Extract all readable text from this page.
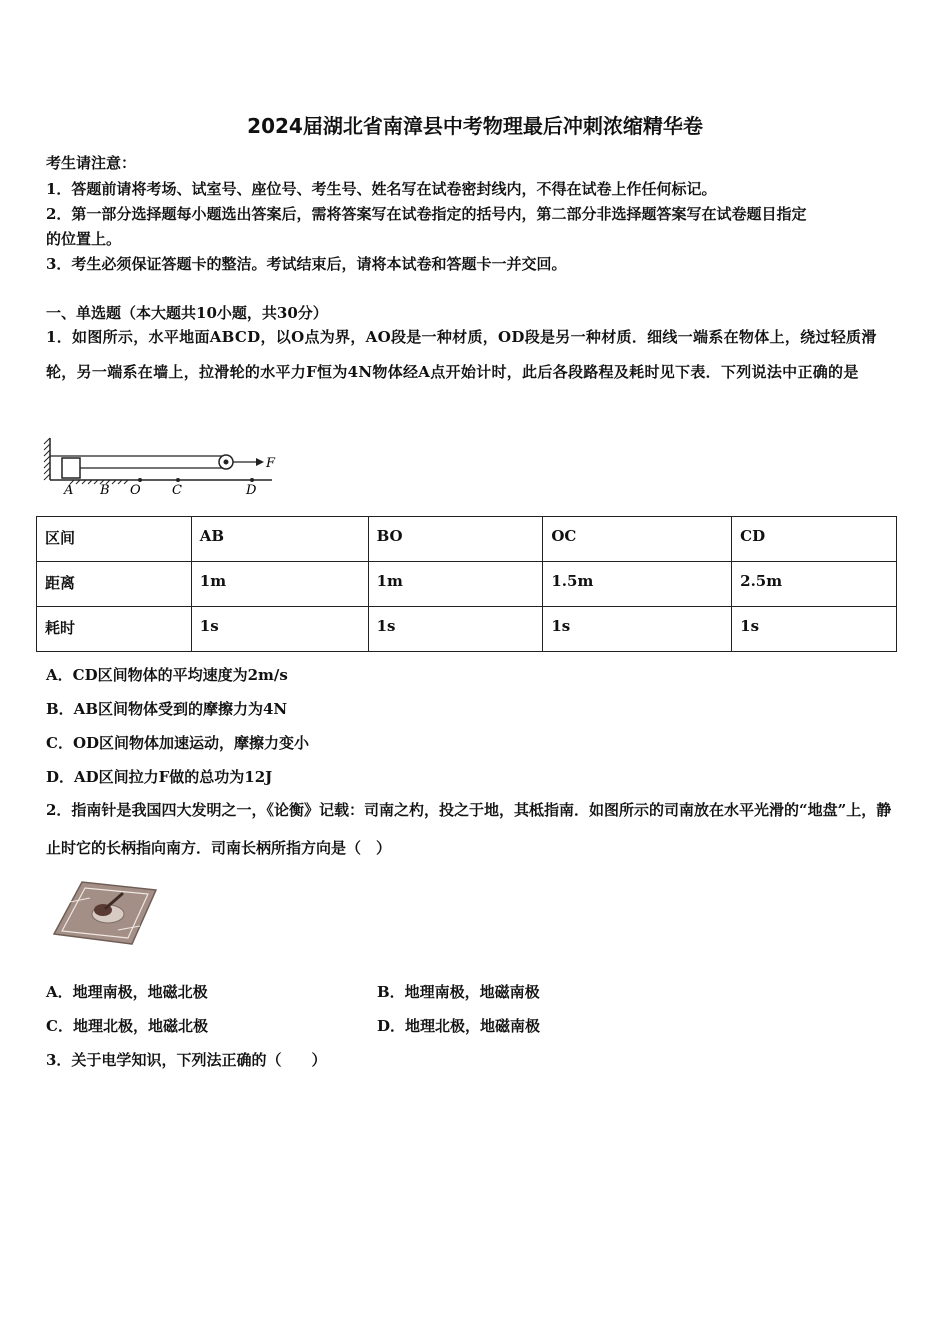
2024届湖北省南漳县中考物理最后冲刺浓缩精华卷
考生请注意：
1．答题前请将考场、试室号、座位号、考生号、姓名写在试卷密封线内，不得在试卷上作任何标记。
2．第一部分选择题每小题选出答案后，需将答案写在试卷指定的括号内，第二部分非选择题答案写在试卷题目指定
的位置上。
3．考生必须保证答题卡的整洁。考试结束后，请将本试卷和答题卡一并交回。
一、单选题（本大题共10小题，共30分）
1．如图所示，水平地面ABCD，以O点为界，AO段是一种材质，OD段是另一种材质．细线一端系在物体上，绕过轻质滑轮，另一端系在墙上，拉滑轮的水平力F恒为4N物体经A点开始计时，此后各段路程及耗时见下表．下列说法中正确的是
F
A B O C	D
区间	AB	BO	OC	CD
距离	1m	1m	1.5m	2.5m
耗时	1s	1s	1s	1s
A．CD区间物体的平均速度为2m/s
B．AB区间物体受到的摩擦力为4N
C．OD区间物体加速运动，摩擦力变小
D．AD区间拉力F做的总功为12J
2．指南针是我国四大发明之一，《论衡》记载：司南之杓，投之于地，其柢指南．如图所示的司南放在水平光滑的“地盘”上，静止时它的长柄指向南方．司南长柄所指方向是（　）
A．地理南极，地磁北极	B．地理南极，地磁南极
C．地理北极，地磁北极	D．地理北极，地磁南极
3．关于电学知识，下列法正确的（　　）
